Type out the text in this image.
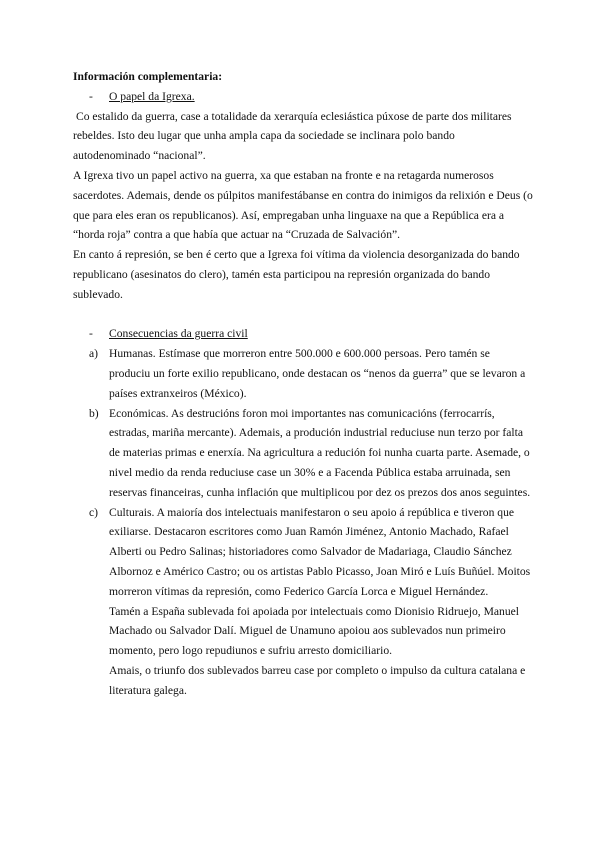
Información complementaria:

-	O papel da Igrexa.

Co estalido da guerra, case a totalidade da xerarquía eclesiástica púxose de parte dos militares rebeldes. Isto deu lugar que unha ampla capa da sociedade se inclinara polo bando autodenominado “nacional”.

A Igrexa tivo un papel activo na guerra, xa que estaban na fronte e na retagarda numerosos sacerdotes. Ademais, dende os púlpitos manifestábanse en contra do inimigos da relixión e Deus (o que para eles eran os republicanos). Así, empregaban unha linguaxe na que a República era a “horda roja” contra a que había que actuar na “Cruzada de Salvación”.

En canto á represión, se ben é certo que a Igrexa foi vítima da violencia desorganizada do bando republicano (asesinatos do clero), tamén esta participou na represión organizada do bando sublevado.

-	Consecuencias da guerra civil
a) Humanas. Estímase que morreron entre 500.000 e 600.000 persoas. Pero tamén se produciu un forte exilio republicano, onde destacan os “nenos da guerra” que se levaron a países extranxeiros (México).

b) Económicas. As destrucións foron moi importantes nas comunicacións (ferrocarrís, estradas, mariña mercante). Ademais, a produción industrial reduciuse nun terzo por falta de materias primas e enerxía. Na agricultura a redución foi nunha cuarta parte. Asemade, o nivel medio da renda reduciuse case un 30% e a Facenda Pública estaba arruinada, sen reservas financeiras, cunha inflación que multiplicou por dez os prezos dos anos seguintes.

c) Culturais. A maioría dos intelectuais manifestaron o seu apoio á república e tiveron que exiliarse. Destacaron escritores como Juan Ramón Jiménez, Antonio Machado, Rafael Alberti ou Pedro Salinas; historiadores como Salvador de Madariaga, Claudio Sánchez Albornoz e Américo Castro; ou os artistas Pablo Picasso, Joan Miró e Luís Buñúel. Moitos morreron vítimas da represión, como Federico García Lorca e Miguel Hernández.

Tamén a España sublevada foi apoiada por intelectuais como Dionisio Ridruejo, Manuel Machado ou Salvador Dalí. Miguel de Unamuno apoiou aos sublevados nun primeiro momento, pero logo repudiunos e sufriu arresto domiciliario.

Amais, o triunfo dos sublevados barreu case por completo o impulso da cultura catalana e literatura galega.
